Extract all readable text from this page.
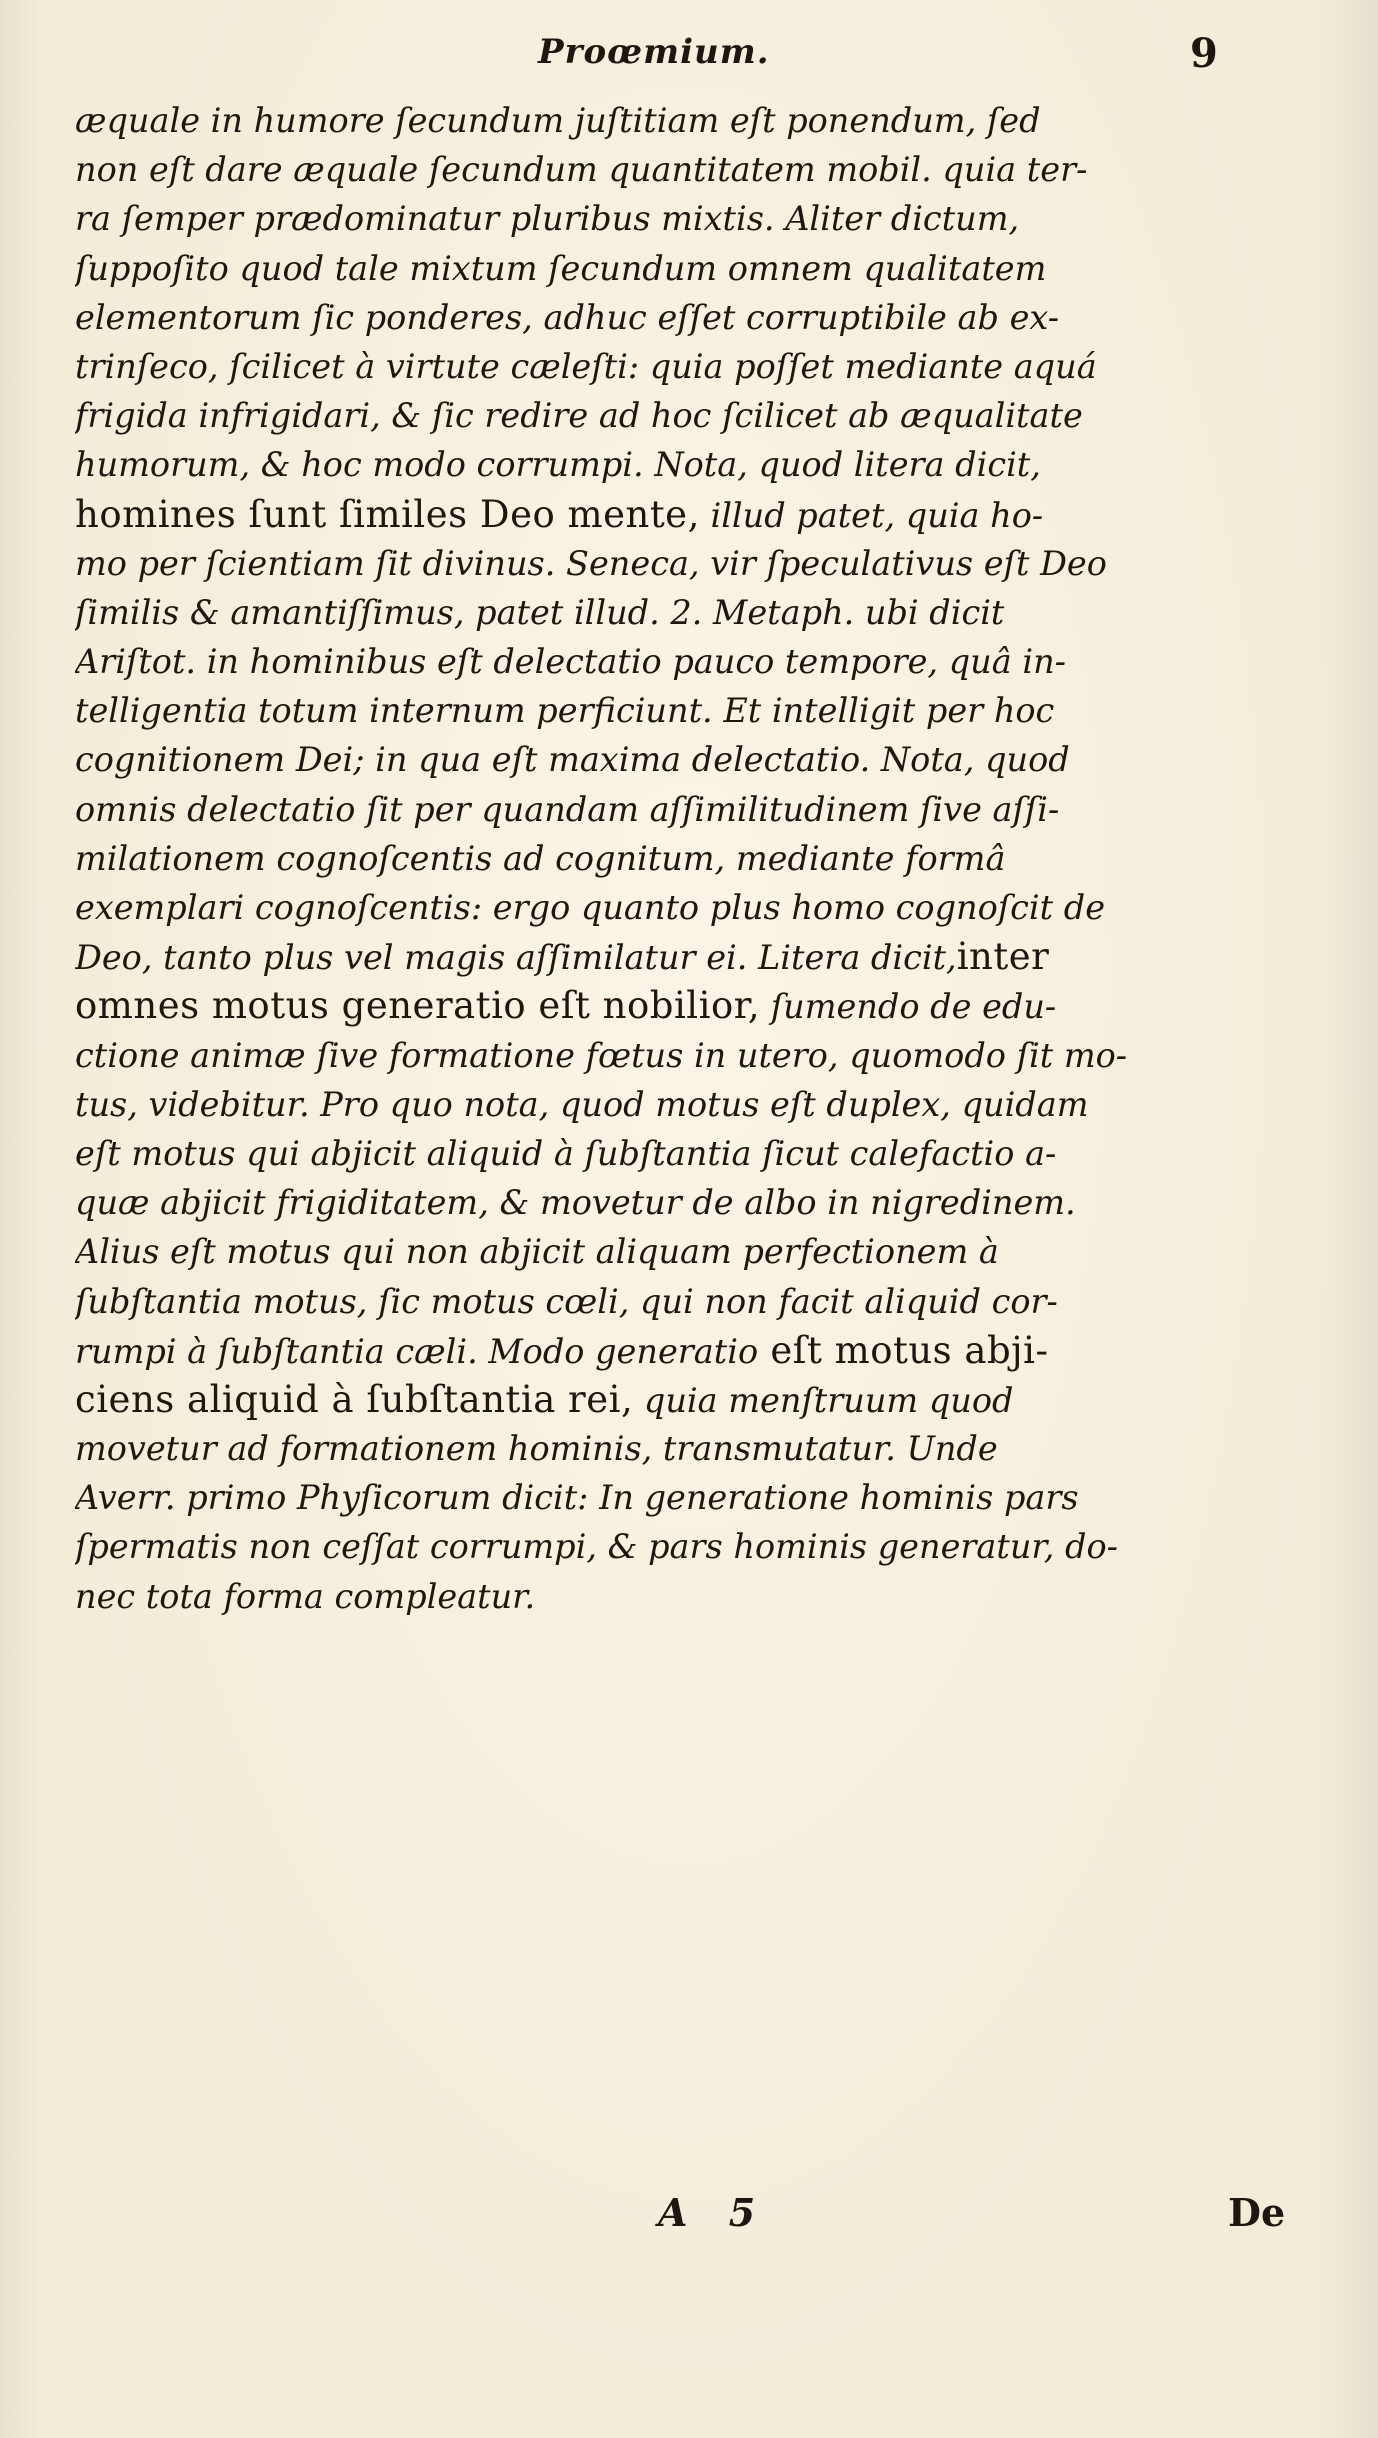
Proœmium.	9
æquale in humore ſecundum juſtitiam eſt ponendum, ſed
non eſt dare æquale ſecundum quantitatem mobil. quia ter-
ra ſemper prædominatur pluribus mixtis. Aliter dictum,
ſuppoſito quod tale mixtum ſecundum omnem qualitatem
elementorum ſic ponderes, adhuc eſſet corruptibile ab ex-
trinſeco, ſcilicet à virtute cæleſti: quia poſſet mediante aquá
frigida infrigidari, & ſic redire ad hoc ſcilicet ab æqualitate
humorum, & hoc modo corrumpi. Nota, quod litera dicit,
homines ſunt ſimiles Deo mente, illud patet, quia ho-
mo per ſcientiam ſit divinus. Seneca, vir ſpeculativus eſt Deo
ſimilis & amantiſſimus, patet illud. 2. Metaph. ubi dicit
Ariſtot. in hominibus eſt delectatio pauco tempore, quâ in-
telligentia totum internum perficiunt. Et intelligit per hoc
cognitionem Dei; in qua eſt maxima delectatio. Nota, quod
omnis delectatio ſit per quandam aſſimilitudinem ſive aſſi-
milationem cognoſcentis ad cognitum, mediante formâ
exemplari cognoſcentis: ergo quanto plus homo cognoſcit de
Deo, tanto plus vel magis aſſimilatur ei. Litera dicit,inter
omnes motus generatio eſt nobilior, ſumendo de edu-
ctione animæ ſive formatione fœtus in utero, quomodo ſit mo-
tus, videbitur. Pro quo nota, quod motus eſt duplex, quidam
eſt motus qui abjicit aliquid à ſubſtantia ſicut calefactio a-
quæ abjicit frigiditatem, & movetur de albo in nigredinem.
Alius eſt motus qui non abjicit aliquam perfectionem à
ſubſtantia motus, ſic motus cœli, qui non facit aliquid cor-
rumpi à ſubſtantia cæli. Modo generatio eſt motus abji-
ciens aliquid à ſubſtantia rei, quia menſtruum quod
movetur ad formationem hominis, transmutatur. Unde
Averr. primo Phyſicorum dicit: In generatione hominis pars
ſpermatis non ceſſat corrumpi, & pars hominis generatur, do-
nec tota forma compleatur.
A 5	De
